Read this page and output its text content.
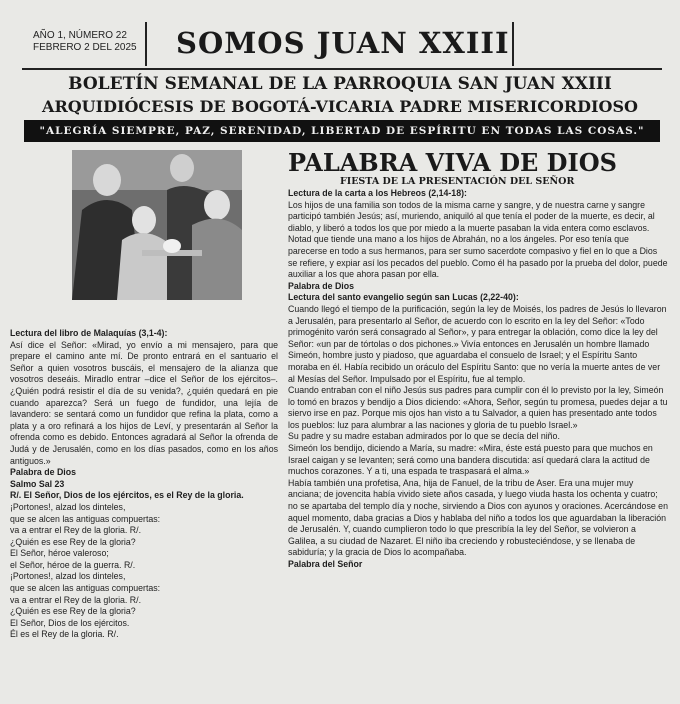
AÑO 1, NÚMERO 22
FEBRERO 2 DEL 2025 SOMOS JUAN XXIII
BOLETÍN SEMANAL DE LA PARROQUIA SAN JUAN XXIII
ARQUIDIÓCESIS DE BOGOTÁ-VICARIA PADRE MISERICORDIOSO
"ALEGRÍA SIEMPRE, PAZ, SERENIDAD, LIBERTAD DE ESPÍRITU EN TODAS LAS COSAS."
PALABRA VIVA DE DIOS
FIESTA DE LA PRESENTACIÓN DEL SEÑOR

Lectura de la carta a los Hebreos (2,14-18):

Los hijos de una familia son todos de la misma carne y sangre, y de nuestra carne y sangre participó también Jesús; así, muriendo, aniquiló al que tenía el poder de la muerte, es decir, al diablo, y liberó a todos los que por miedo a la muerte pasaban la vida entera como esclavos. Notad que tiende una mano a los hijos de Abrahán, no a los ángeles. Por eso tenía que parecerse en todo a sus hermanos, para ser sumo sacerdote compasivo y fiel en lo que a Dios se refiere, y expiar así los pecados del pueblo. Como él ha pasado por la prueba del dolor, puede auxiliar a los que ahora pasan por ella.

Palabra de Dios

Lectura del santo evangelio según san Lucas (2,22-40):

Cuando llegó el tiempo de la purificación, según la ley de Moisés, los padres de Jesús lo llevaron a Jerusalén, para presentarlo al Señor, de acuerdo con lo escrito en la ley del Señor: «Todo primogénito varón será consagrado al Señor», y para entregar la oblación, como dice la ley del Señor: «un par de tórtolas o dos pichones.» Vivía entonces en Jerusalén un hombre llamado Simeón, hombre justo y piadoso, que aguardaba el consuelo de Israel; y el Espíritu Santo moraba en él. Había recibido un oráculo del Espíritu Santo: que no vería la muerte antes de ver al Mesías del Señor. Impulsado por el Espíritu, fue al templo.

Cuando entraban con el niño Jesús sus padres para cumplir con él lo previsto por la ley, Simeón lo tomó en brazos y bendijo a Dios diciendo: «Ahora, Señor, según tu promesa, puedes dejar a tu siervo irse en paz. Porque mis ojos han visto a tu Salvador, a quien has presentado ante todos los pueblos: luz para alumbrar a las naciones y gloria de tu pueblo Israel.»

Su padre y su madre estaban admirados por lo que se decía del niño.

Simeón los bendijo, diciendo a María, su madre: «Mira, éste está puesto para que muchos en Israel caigan y se levanten; será como una bandera discutida: así quedará clara la actitud de muchos corazones. Y a ti, una espada te traspasará el alma.»

Había también una profetisa, Ana, hija de Fanuel, de la tribu de Aser. Era una mujer muy anciana; de jovencita había vivido siete años casada, y luego viuda hasta los ochenta y cuatro; no se apartaba del templo día y noche, sirviendo a Dios con ayunos y oraciones. Acercándose en aquel momento, daba gracias a Dios y hablaba del niño a todos los que aguardaban la liberación de Jerusalén. Y, cuando cumplieron todo lo que prescribía la ley del Señor, se volvieron a Galilea, a su ciudad de Nazaret. El niño iba creciendo y robusteciéndose, y se llenaba de sabiduría; y la gracia de Dios lo acompañaba.

Palabra del Señor

Lectura del libro de Malaquías (3,1-4):

Así dice el Señor: «Mirad, yo envío a mi mensajero, para que prepare el camino ante mí. De pronto entrará en el santuario el Señor a quien vosotros buscáis, el mensajero de la alianza que vosotros deseáis. Miradlo entrar –dice el Señor de los ejércitos–. ¿Quién podrá resistir el día de su venida?, ¿quién quedará en pie cuando aparezca? Será un fuego de fundidor, una lejía de lavandero: se sentará como un fundidor que refina la plata, como a plata y a oro refinará a los hijos de Leví, y presentarán al Señor la ofrenda como es debido. Entonces agradará al Señor la ofrenda de Judá y de Jerusalén, como en los días pasados, como en los años antiguos.»

Palabra de Dios

Salmo Sal 23

R/. El Señor, Dios de los ejércitos, es el Rey de la gloria.

¡Portones!, alzad los dinteles,

que se alcen las antiguas compuertas:

va a entrar el Rey de la gloria. R/.

¿Quién es ese Rey de la gloria?

El Señor, héroe valeroso;

el Señor, héroe de la guerra. R/.

¡Portones!, alzad los dinteles,

que se alcen las antiguas compuertas:

va a entrar el Rey de la gloria. R/.

¿Quién es ese Rey de la gloria?

El Señor, Dios de los ejércitos.

Él es el Rey de la gloria. R/.
